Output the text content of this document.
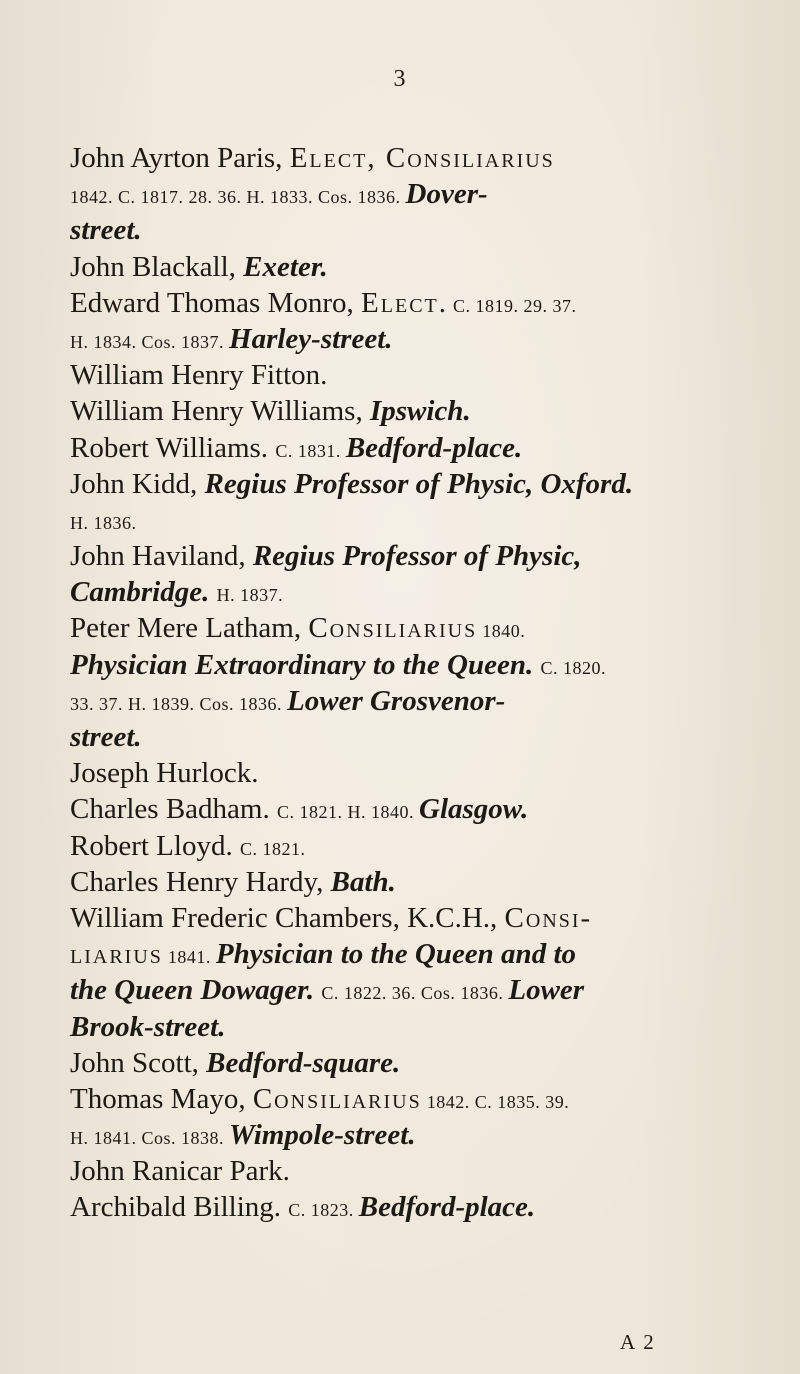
3
John Ayrton Paris, Elect, Consiliarius
1842. C. 1817. 28. 36. H. 1833. Cos. 1836. Dover-
street.
John Blackall, Exeter.
Edward Thomas Monro, Elect. C. 1819. 29. 37.
H. 1834. Cos. 1837. Harley-street.
William Henry Fitton.
William Henry Williams, Ipswich.
Robert Williams. C. 1831. Bedford-place.
John Kidd, Regius Professor of Physic, Oxford.
H. 1836.
John Haviland, Regius Professor of Physic,
Cambridge. H. 1837.
Peter Mere Latham, Consiliarius 1840.
Physician Extraordinary to the Queen. C. 1820.
33. 37. H. 1839. Cos. 1836. Lower Grosvenor-
street.
Joseph Hurlock.
Charles Badham. C. 1821. H. 1840. Glasgow.
Robert Lloyd. C. 1821.
Charles Henry Hardy, Bath.
William Frederic Chambers, K.C.H., Consi-
liarius 1841. Physician to the Queen and to
the Queen Dowager. C. 1822. 36. Cos. 1836. Lower
Brook-street.
John Scott, Bedford-square.
Thomas Mayo, Consiliarius 1842. C. 1835. 39.
H. 1841. Cos. 1838. Wimpole-street.
John Ranicar Park.
Archibald Billing. C. 1823. Bedford-place.
A 2
